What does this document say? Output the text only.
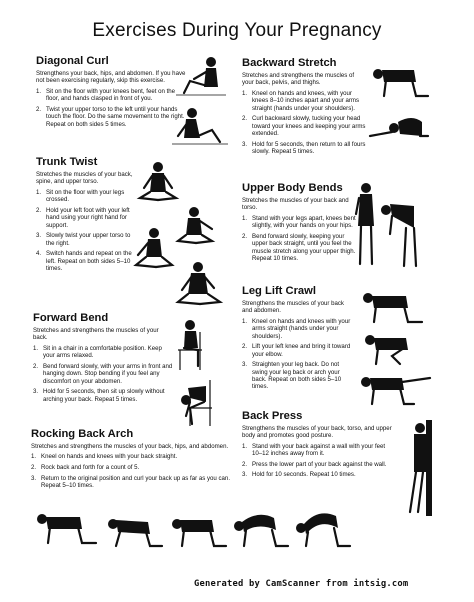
Exercises During Your Pregnancy
Diagonal Curl

Strengthens your back, hips, and abdomen. If you have not been exercising regularly, skip this exercise.

1. Sit on the floor with your knees bent, feet on the floor, and hands clasped in front of you.
2. Twist your upper torso to the left until your hands touch the floor. Do the same movement to the right. Repeat on both sides 5 times.
Trunk Twist

Stretches the muscles of your back, spine, and upper torso.

1. Sit on the floor with your legs crossed.
2. Hold your left foot with your left hand using your right hand for support.
3. Slowly twist your upper torso to the right.
4. Switch hands and repeat on the left. Repeat on both sides 5–10 times.
Forward Bend

Stretches and strengthens the muscles of your back.

1. Sit in a chair in a comfortable position. Keep your arms relaxed.
2. Bend forward slowly, with your arms in front and hanging down. Stop bending if you feel any discomfort on your abdomen.
3. Hold for 5 seconds, then sit up slowly without arching your back. Repeat 5 times.
Rocking Back Arch

Stretches and strengthens the muscles of your back, hips, and abdomen.

1. Kneel on hands and knees with your back straight.
2. Rock back and forth for a count of 5.
3. Return to the original position and curl your back up as far as you can. Repeat 5–10 times.
Backward Stretch

Stretches and strengthens the muscles of your back, pelvis, and thighs.

1. Kneel on hands and knees, with your knees 8–10 inches apart and your arms straight (hands under your shoulders).
2. Curl backward slowly, tucking your head toward your knees and keeping your arms extended.
3. Hold for 5 seconds, then return to all fours slowly. Repeat 5 times.
Upper Body Bends

Stretches the muscles of your back and torso.

1. Stand with your legs apart, knees bent slightly, with your hands on your hips.
2. Bend forward slowly, keeping your upper back straight, until you feel the muscle stretch along your upper thigh. Repeat 10 times.
Leg Lift Crawl

Strengthens the muscles of your back and abdomen.

1. Kneel on hands and knees with your arms straight (hands under your shoulders).
2. Lift your left knee and bring it toward your elbow.
3. Straighten your leg back. Do not swing your leg back or arch your back. Repeat on both sides 5–10 times.
Back Press

Strengthens the muscles of your back, torso, and upper body and promotes good posture.

1. Stand with your back against a wall with your feet 10–12 inches away from it.
2. Press the lower part of your back against the wall.
3. Hold for 10 seconds. Repeat 10 times.
Generated by CamScanner from intsig.com
